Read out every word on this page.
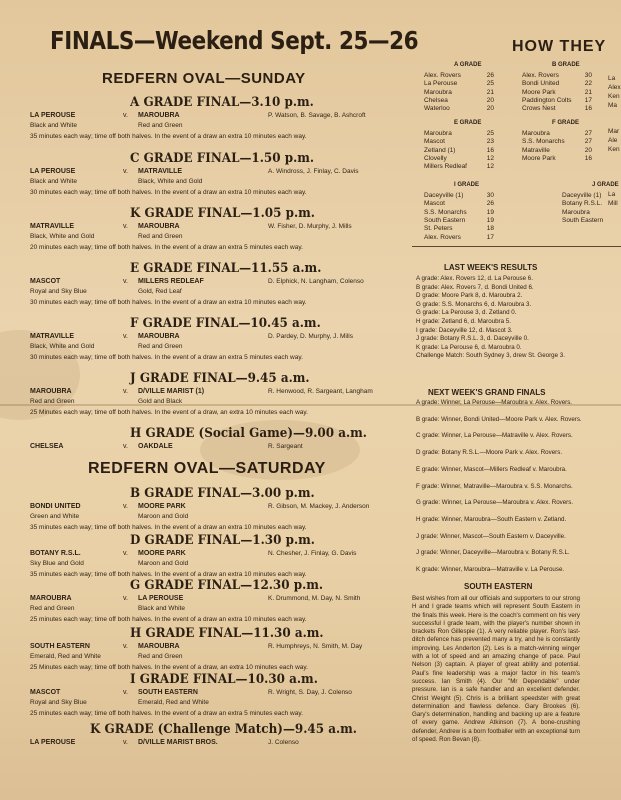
FINALS—Weekend Sept. 25—26
REDFERN OVAL—SUNDAY
A GRADE FINAL—3.10 p.m.
LA PEROUSE	v. MAROUBRA	P. Watson, B. Savage, B. Ashcroft
Black and White	Red and Green
35 minutes each way; time off both halves. In the event of a draw an extra 10 minutes each way.
C GRADE FINAL—1.50 p.m.
LA PEROUSE	v. MATRAVILLE	A. Windross, J. Finlay, C. Davis
Black and White	Black, White and Gold
30 minutes each way; time off both halves. In the event of a draw an extra 10 minutes each way.
K GRADE FINAL—1.05 p.m.
MATRAVILLE	v. MAROUBRA	W. Fisher, D. Murphy, J. Mills
Black, White and Gold	Red and Green
20 minutes each way; time off both halves. In the event of a draw an extra 5 minutes each way.
E GRADE FINAL—11.55 a.m.
MASCOT	v. MILLERS REDLEAF	D. Elphick, N. Langham, Colenso
Royal and Sky Blue	Gold, Red Leaf
30 minutes each way; time off both halves. In the event of a draw an extra 10 minutes each way.
F GRADE FINAL—10.45 a.m.
MATRAVILLE	v. MAROUBRA	D. Pardey, D. Murphy, J. Mills
Black, White and Gold	Red and Green
30 minutes each way; time off both halves. In the event of a draw an extra 5 minutes each way.
J GRADE FINAL—9.45 a.m.
MAROUBRA	v. D/VILLE MARIST (1)	R. Henwood, R. Sargeant, Langham
Red and Green	Gold and Black
25 Minutes each way; time off both halves. In the event of a draw, an extra 10 minutes each way.
H GRADE (Social Game)—9.00 a.m.
CHELSEA	v. OAKDALE	R. Sargeant
REDFERN OVAL—SATURDAY
B GRADE FINAL—3.00 p.m.
BONDI UNITED	v. MOORE PARK	R. Gibson, M. Mackey, J. Anderson
Green and White	Maroon and Gold
35 minutes each way; time off both halves. In the event of a draw an extra 10 minutes each way.
D GRADE FINAL—1.30 p.m.
BOTANY R.S.L.	v. MOORE PARK	N. Chesher, J. Finlay, G. Davis
Sky Blue and Gold	Maroon and Gold
35 minutes each way; time off both halves. In the event of a draw an extra 10 minutes each way.
G GRADE FINAL—12.30 p.m.
MAROUBRA	v. LA PEROUSE	K. Drummond, M. Day, N. Smith
Red and Green	Black and White
25 minutes each way; time off both halves. In the event of a draw an extra 10 minutes each way.
H GRADE FINAL—11.30 a.m.
SOUTH EASTERN	v. MAROUBRA	R. Humphreys, N. Smith, M. Day
Emerald, Red and White	Red and Green
25 Minutes each way; time off both halves. In the event of a draw, an extra 10 minutes each way.
I GRADE FINAL—10.30 a.m.
MASCOT	v. SOUTH EASTERN	R. Wright, S. Day, J. Colenso
Royal and Sky Blue	Emerald, Red and White
25 minutes each way; time off both halves. In the event of a draw an extra 5 minutes each way.
K GRADE (Challenge Match)—9.45 a.m.
LA PEROUSE	v. D/VILLE MARIST BROS.	J. Colenso
HOW THEY
A GRADE
Alex. Rovers	26
La Perouse	25
Maroubra	21
Chelsea	20
Waterloo	20
B GRADE
Alex. Rovers	30
Bondi United	22
Moore Park	21
Paddington Colts 17
Crows Nest	16
E GRADE
Maroubra	25
Mascot	23
Zetland (1)	16
Clovelly	12
Millers Redleaf	12
F GRADE
Maroubra	27
S.S. Monarchs	27
Matraville	20
Moore Park	16
I GRADE
Daceyville (1)	30
Mascot	26
S.S. Monarchs	19
South Eastern	19
St. Peters	18
Alex. Rovers	17
J GRADE
Daceyville (1)
Botany R.S.L.
Maroubra
South Eastern
La
Alex
Ken
Ma
Mar
Ale
Ken
La
Mill
LAST WEEK'S RESULTS
A grade: Alex. Rovers 12, d. La Perouse 6.
B grade: Alex. Rovers 7, d. Bondi United 6.
D grade: Moore Park 8, d. Maroubra 2.
G grade: S.S. Monarchs 6, d. Maroubra 3.
G grade: La Perouse 3, d. Zetland 0.
H grade: Zetland 6, d. Maroubra 5.
I grade: Daceyville 12, d. Mascot 3.
J grade: Botany R.S.L. 3, d. Daceyville 0.
K grade: La Perouse 6, d. Maroubra 0.
Challenge Match: South Sydney 3, drew St. George 3.
NEXT WEEK'S GRAND FINALS
A grade: Winner, La Perouse—Maroubra v. Alex. Rovers.
B grade: Winner, Bondi United—Moore Park v. Alex. Rovers.
C grade: Winner, La Perouse—Matraville v. Alex. Rovers.
D grade: Botany R.S.L.—Moore Park v. Alex. Rovers.
E grade: Winner, Mascot—Millers Redleaf v. Maroubra.
F grade: Winner, Matraville—Maroubra v. S.S. Monarchs.
G grade: Winner, La Perouse—Maroubra v. Alex. Rovers.
H grade: Winner, Maroubra—South Eastern v. Zetland.
J grade: Winner, Mascot—South Eastern v. Daceyville.
J grade: Winner, Daceyville—Maroubra v. Botany R.S.L.
K grade: Winner, Maroubra—Matraville v. La Perouse.
SOUTH EASTERN
Best wishes from all our officials and supporters to our strong H and I grade teams which will represent South Eastern in the finals this week. Here is the coach's comment on his very successful I grade team, with the player's number shown in brackets Ron Gillespie (1). A very reliable player. Ron's last-ditch defence has prevented many a try, and he is constantly improving. Les Anderton (2). Les is a match-winning winger with a lot of speed and an amazing change of pace. Paul Nelson (3) captain. A player of great ability and potential. Paul's fine leadership was a major factor in his team's success. Ian Smith (4). Our "Mr Dependable" under pressure. Ian is a safe handler and an excellent defender. Christ Weight (5). Chris is a brilliant speedster with great determination and flawless defence. Gary Brookes (6). Gary's determination, handling and backing up are a feature of every game. Andrew Atkinson (7). A bone-crushing defender, Andrew is a born footballer with an exceptional turn of speed. Ron Bevan (8).
